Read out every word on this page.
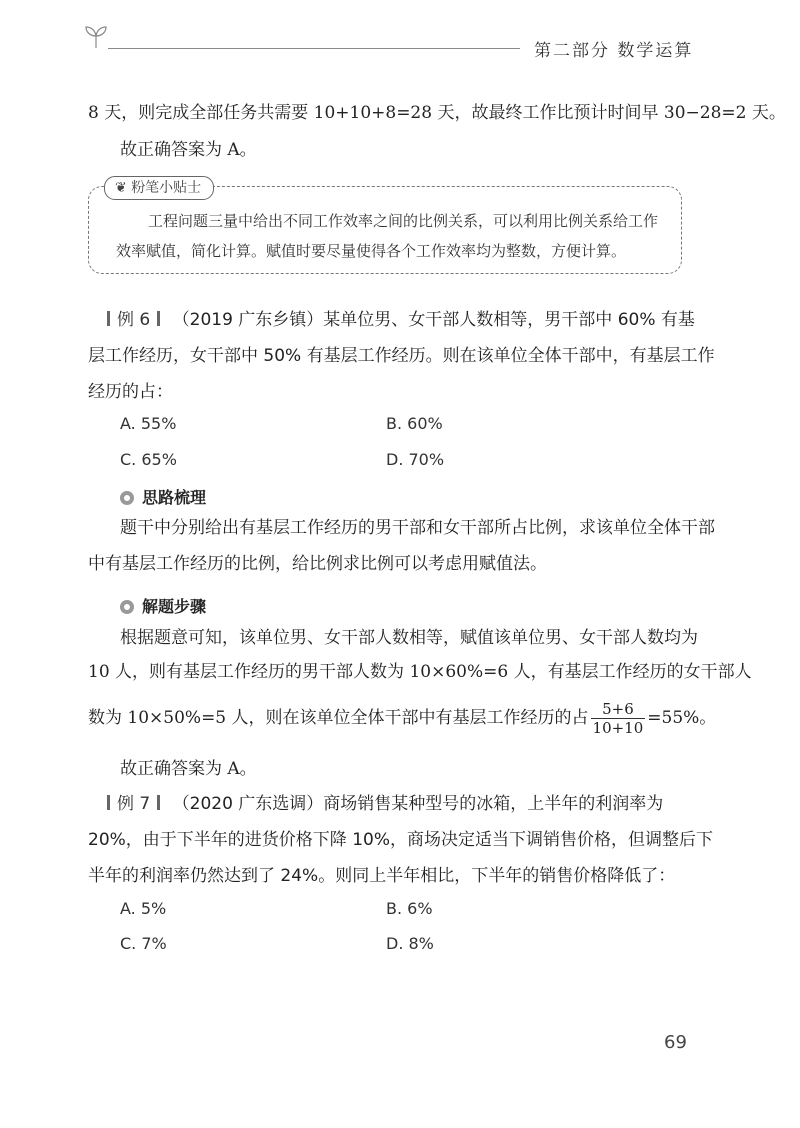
第二部分 数学运算
8 天，则完成全部任务共需要 10+10+8=28 天，故最终工作比预计时间早 30−28=2 天。
故正确答案为 A。
❦ 粉笔小贴士
工程问题三量中给出不同工作效率之间的比例关系，可以利用比例关系给工作
效率赋值，简化计算。赋值时要尽量使得各个工作效率均为整数，方便计算。
例 6 （2019 广东乡镇）某单位男、女干部人数相等，男干部中 60% 有基
层工作经历，女干部中 50% 有基层工作经历。则在该单位全体干部中，有基层工作
经历的占：
A. 55%	B. 60%
C. 65%	D. 70%
思路梳理
题干中分别给出有基层工作经历的男干部和女干部所占比例，求该单位全体干部
中有基层工作经历的比例，给比例求比例可以考虑用赋值法。
解题步骤
根据题意可知，该单位男、女干部人数相等，赋值该单位男、女干部人数均为
10 人，则有基层工作经历的男干部人数为 10×60%=6 人，有基层工作经历的女干部人
数为 10×50%=5 人，则在该单位全体干部中有基层工作经历的占 $\frac{5+6}{10+10} =55\%$。
故正确答案为 A。
例 7 （2020 广东选调）商场销售某种型号的冰箱，上半年的利润率为
20%，由于下半年的进货价格下降 10%，商场决定适当下调销售价格，但调整后下
半年的利润率仍然达到了 24%。则同上半年相比，下半年的销售价格降低了：
A. 5%	B. 6%
C. 7%	D. 8%
69
